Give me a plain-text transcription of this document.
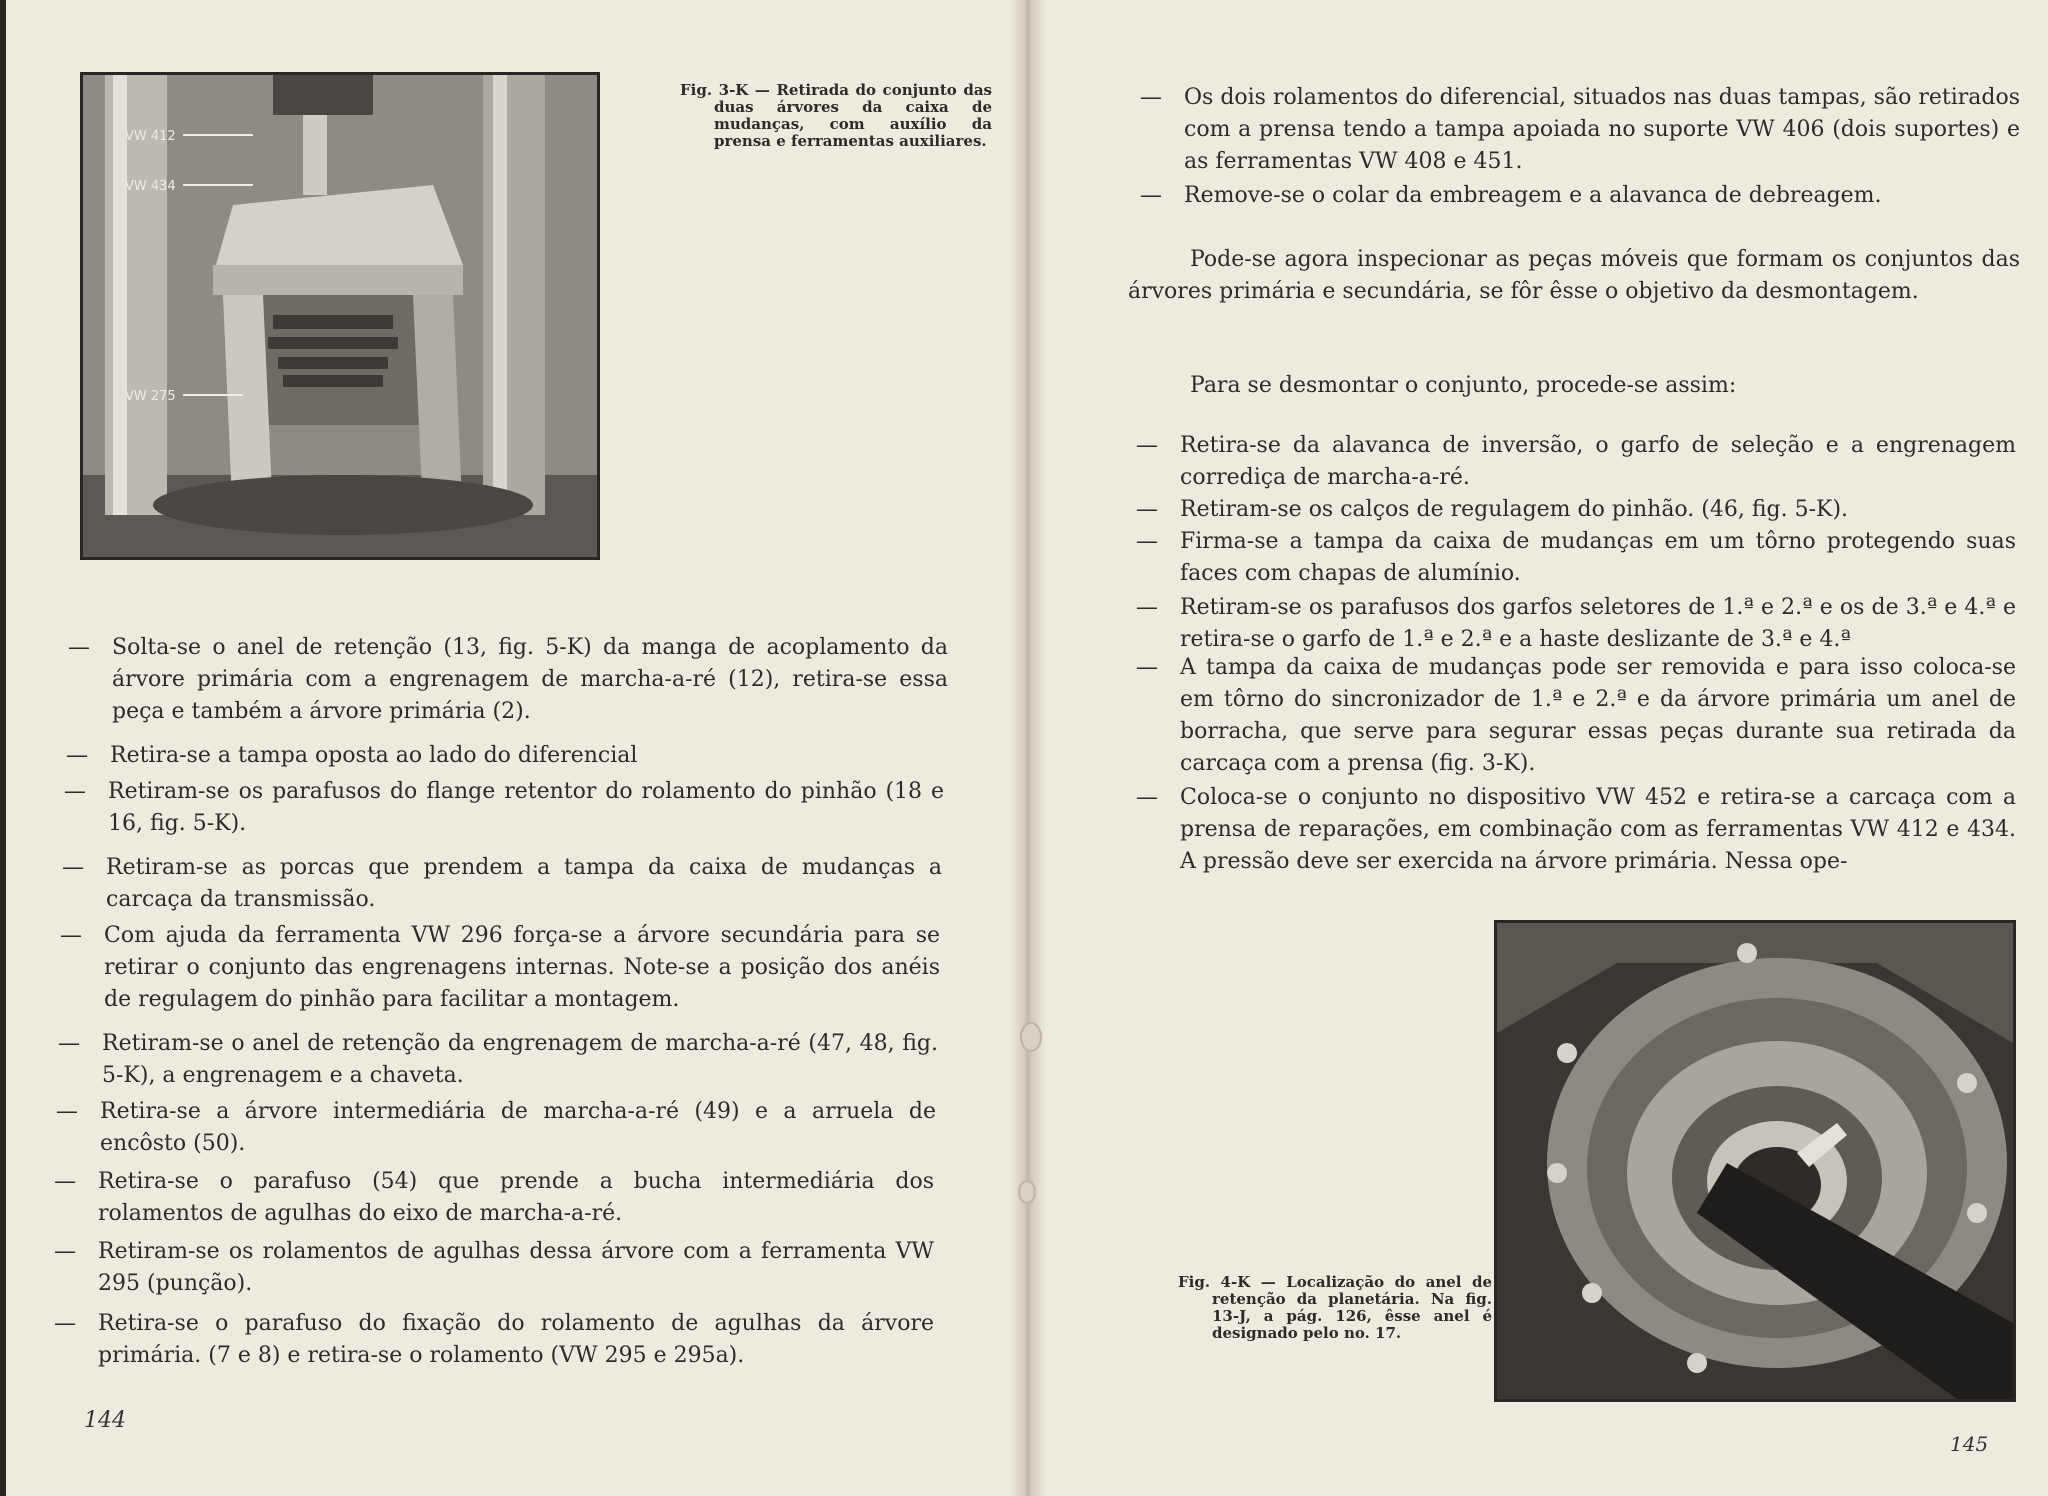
VW 412
VW 434
VW 275
Fig. 3-K — Retirada do conjunto das duas árvores da caixa de mudanças, com auxílio da prensa e ferramentas auxiliares.
—	Solta-se o anel de retenção (13, fig. 5-K) da manga de acoplamento da árvore primária com a engrenagem de marcha-a-ré (12), retira-se essa peça e também a árvore primária (2).
—	Retira-se a tampa oposta ao lado do diferencial
—	Retiram-se os parafusos do flange retentor do rolamento do pinhão (18 e 16, fig. 5-K).
—	Retiram-se as porcas que prendem a tampa da caixa de mudanças a carcaça da transmissão.
—	Com ajuda da ferramenta VW 296 força-se a árvore secundária para se retirar o conjunto das engrenagens internas. Note-se a posição dos anéis de regulagem do pinhão para facilitar a montagem.
—	Retiram-se o anel de retenção da engrenagem de marcha-a-ré (47, 48, fig. 5-K), a engrenagem e a chaveta.
—	Retira-se a árvore intermediária de marcha-a-ré (49) e a arruela de encôsto (50).
—	Retira-se o parafuso (54) que prende a bucha intermediária dos rolamentos de agulhas do eixo de marcha-a-ré.
—	Retiram-se os rolamentos de agulhas dessa árvore com a ferramenta VW 295 (punção).
—	Retira-se o parafuso do fixação do rolamento de agulhas da árvore primária. (7 e 8) e retira-se o rolamento (VW 295 e 295a).
144
—	Os dois rolamentos do diferencial, situados nas duas tampas, são retirados com a prensa tendo a tampa apoiada no suporte VW 406 (dois suportes) e as ferramentas VW 408 e 451.
—	Remove-se o colar da embreagem e a alavanca de debreagem.
Pode-se agora inspecionar as peças móveis que formam os conjuntos das árvores primária e secundária, se fôr êsse o objetivo da desmontagem.
Para se desmontar o conjunto, procede-se assim:
—	Retira-se da alavanca de inversão, o garfo de seleção e a engrenagem corrediça de marcha-a-ré.
—	Retiram-se os calços de regulagem do pinhão. (46, fig. 5-K).
—	Firma-se a tampa da caixa de mudanças em um tôrno protegendo suas faces com chapas de alumínio.
—	Retiram-se os parafusos dos garfos seletores de 1.ª e 2.ª e os de 3.ª e 4.ª e retira-se o garfo de 1.ª e 2.ª e a haste deslizante de 3.ª e 4.ª
—	A tampa da caixa de mudanças pode ser removida e para isso coloca-se em tôrno do sincronizador de 1.ª e 2.ª e da árvore primária um anel de borracha, que serve para segurar essas peças durante sua retirada da carcaça com a prensa (fig. 3-K).
—	Coloca-se o conjunto no dispositivo VW 452 e retira-se a carcaça com a prensa de reparações, em combinação com as ferramentas VW 412 e 434. A pressão deve ser exercida na árvore primária. Nessa ope-
Fig. 4-K — Localização do anel de retenção da planetária. Na fig. 13-J, a pág. 126, êsse anel é designado pelo no. 17.
145
